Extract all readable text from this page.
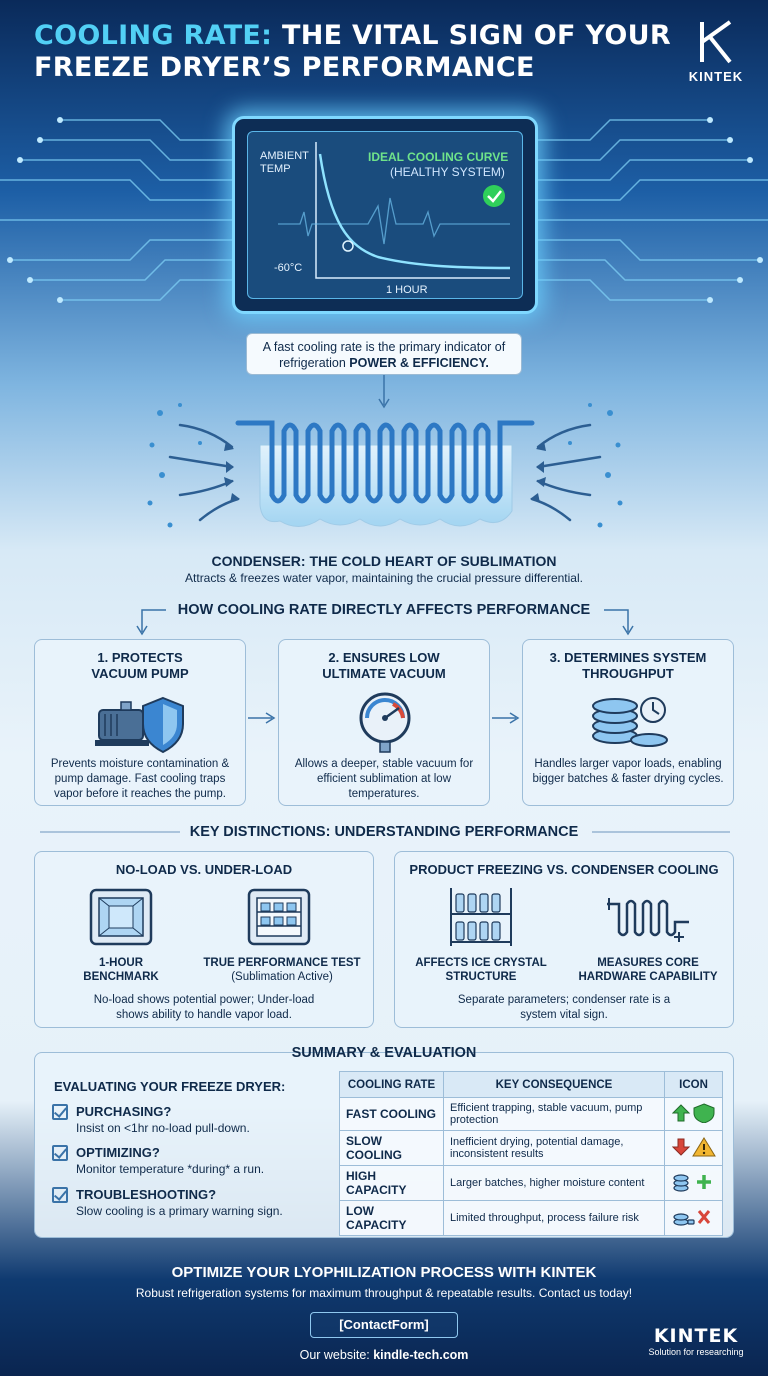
COOLING RATE: THE VITAL SIGN OF YOUR FREEZE DRYER’S PERFORMANCE	KINTEK
AMBIENT TEMP
-60°C
1 HOUR
IDEAL COOLING CURVE
(HEALTHY SYSTEM)
A fast cooling rate is the primary indicator of refrigeration POWER & EFFICIENCY.
CONDENSER: THE COLD HEART OF SUBLIMATION
Attracts & freezes water vapor, maintaining the crucial pressure differential.
HOW COOLING RATE DIRECTLY AFFECTS PERFORMANCE
1. PROTECTS
VACUUM PUMP
Prevents moisture contamination & pump damage. Fast cooling traps vapor before it reaches the pump.
2. ENSURES LOW
ULTIMATE VACUUM
Allows a deeper, stable vacuum for efficient sublimation at low temperatures.
3. DETERMINES SYSTEM
THROUGHPUT
Handles larger vapor loads, enabling bigger batches & faster drying cycles.
KEY DISTINCTIONS: UNDERSTANDING PERFORMANCE
NO-LOAD VS. UNDER-LOAD
1-HOUR
BENCHMARK
TRUE PERFORMANCE TEST
(Sublimation Active)
No-load shows potential power; Under-load shows ability to handle vapor load.
PRODUCT FREEZING VS. CONDENSER COOLING
AFFECTS ICE CRYSTAL
STRUCTURE
MEASURES CORE
HARDWARE CAPABILITY
Separate parameters; condenser rate is a system vital sign.
SUMMARY & EVALUATION
EVALUATING YOUR FREEZE DRYER:
PURCHASING?
Insist on <1hr no-load pull-down.
OPTIMIZING?
Monitor temperature *during* a run.
TROUBLESHOOTING?
Slow cooling is a primary warning sign.
COOLING RATE	KEY CONSEQUENCE	ICON
FAST COOLING	Efficient trapping, stable vacuum, pump protection	
SLOW COOLING	Inefficient drying, potential damage, inconsistent results	
HIGH CAPACITY	Larger batches, higher moisture content	
LOW CAPACITY	Limited throughput, process failure risk	
OPTIMIZE YOUR LYOPHILIZATION PROCESS WITH KINTEK
Robust refrigeration systems for maximum throughput & repeatable results. Contact us today!
[ContactForm]
Our website: kindle-tech.com
KINTEK
Solution for researching
